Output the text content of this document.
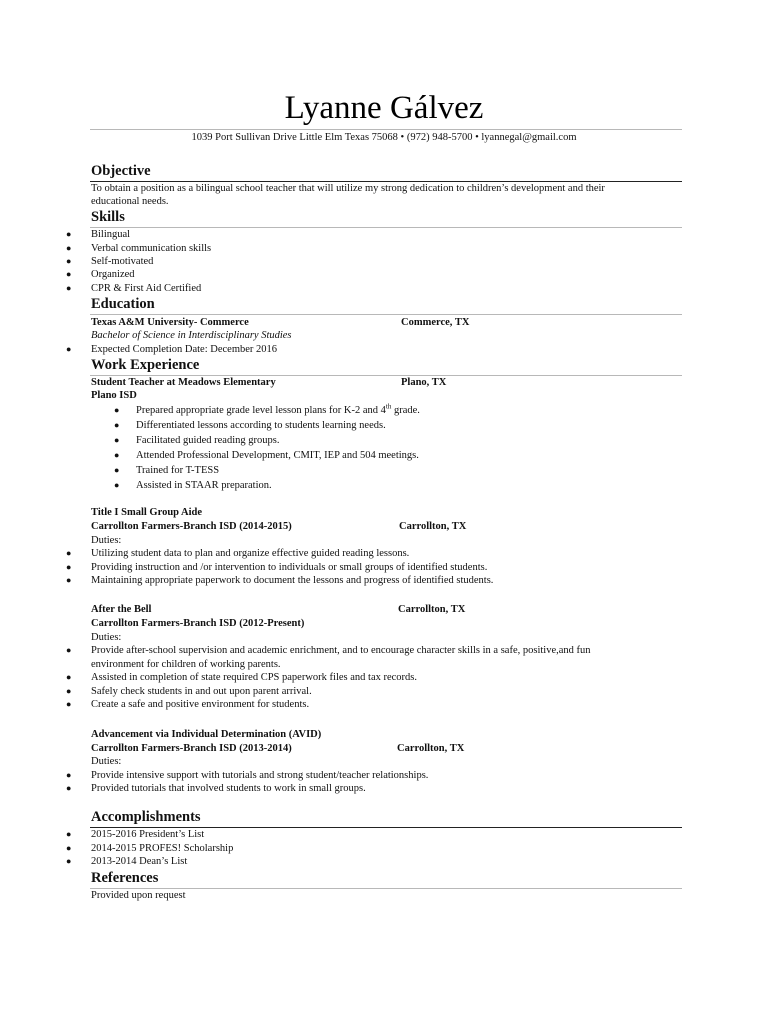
Lyanne Gálvez
1039 Port Sullivan Drive Little Elm Texas 75068 • (972) 948-5700 • lyannegal@gmail.com
Objective
To obtain a position as a bilingual school teacher that will utilize my strong dedication to children’s development and their
educational needs.
Skills
● Bilingual
● Verbal communication skills
● Self-motivated
● Organized
● CPR & First Aid Certified
Education
Texas A&M University- Commerce	Commerce, TX
Bachelor of Science in Interdisciplinary Studies
● Expected Completion Date: December 2016
Work Experience
Student Teacher at Meadows Elementary	Plano, TX
Plano ISD
● Prepared appropriate grade level lesson plans for K-2 and 4th grade.
● Differentiated lessons according to students learning needs.
● Facilitated guided reading groups.
● Attended Professional Development, CMIT, IEP and 504 meetings.
● Trained for T-TESS
● Assisted in STAAR preparation.
Title I Small Group Aide
Carrollton Farmers-Branch ISD (2014-2015)	Carrollton, TX
Duties:
● Utilizing student data to plan and organize effective guided reading lessons.
● Providing instruction and /or intervention to individuals or small groups of identified students.
● Maintaining appropriate paperwork to document the lessons and progress of identified students.
After the Bell	Carrollton, TX
Carrollton Farmers-Branch ISD (2012-Present)
Duties:
● Provide after-school supervision and academic enrichment, and to encourage character skills in a safe, positive,and fun
environment for children of working parents.
● Assisted in completion of state required CPS paperwork files and tax records.
● Safely check students in and out upon parent arrival.
● Create a safe and positive environment for students.
Advancement via Individual Determination (AVID)
Carrollton Farmers-Branch ISD (2013-2014)	Carrollton, TX
Duties:
● Provide intensive support with tutorials and strong student/teacher relationships.
● Provided tutorials that involved students to work in small groups.
Accomplishments
● 2015-2016 President’s List
● 2014-2015 PROFES! Scholarship
● 2013-2014 Dean’s List
References
Provided upon request
